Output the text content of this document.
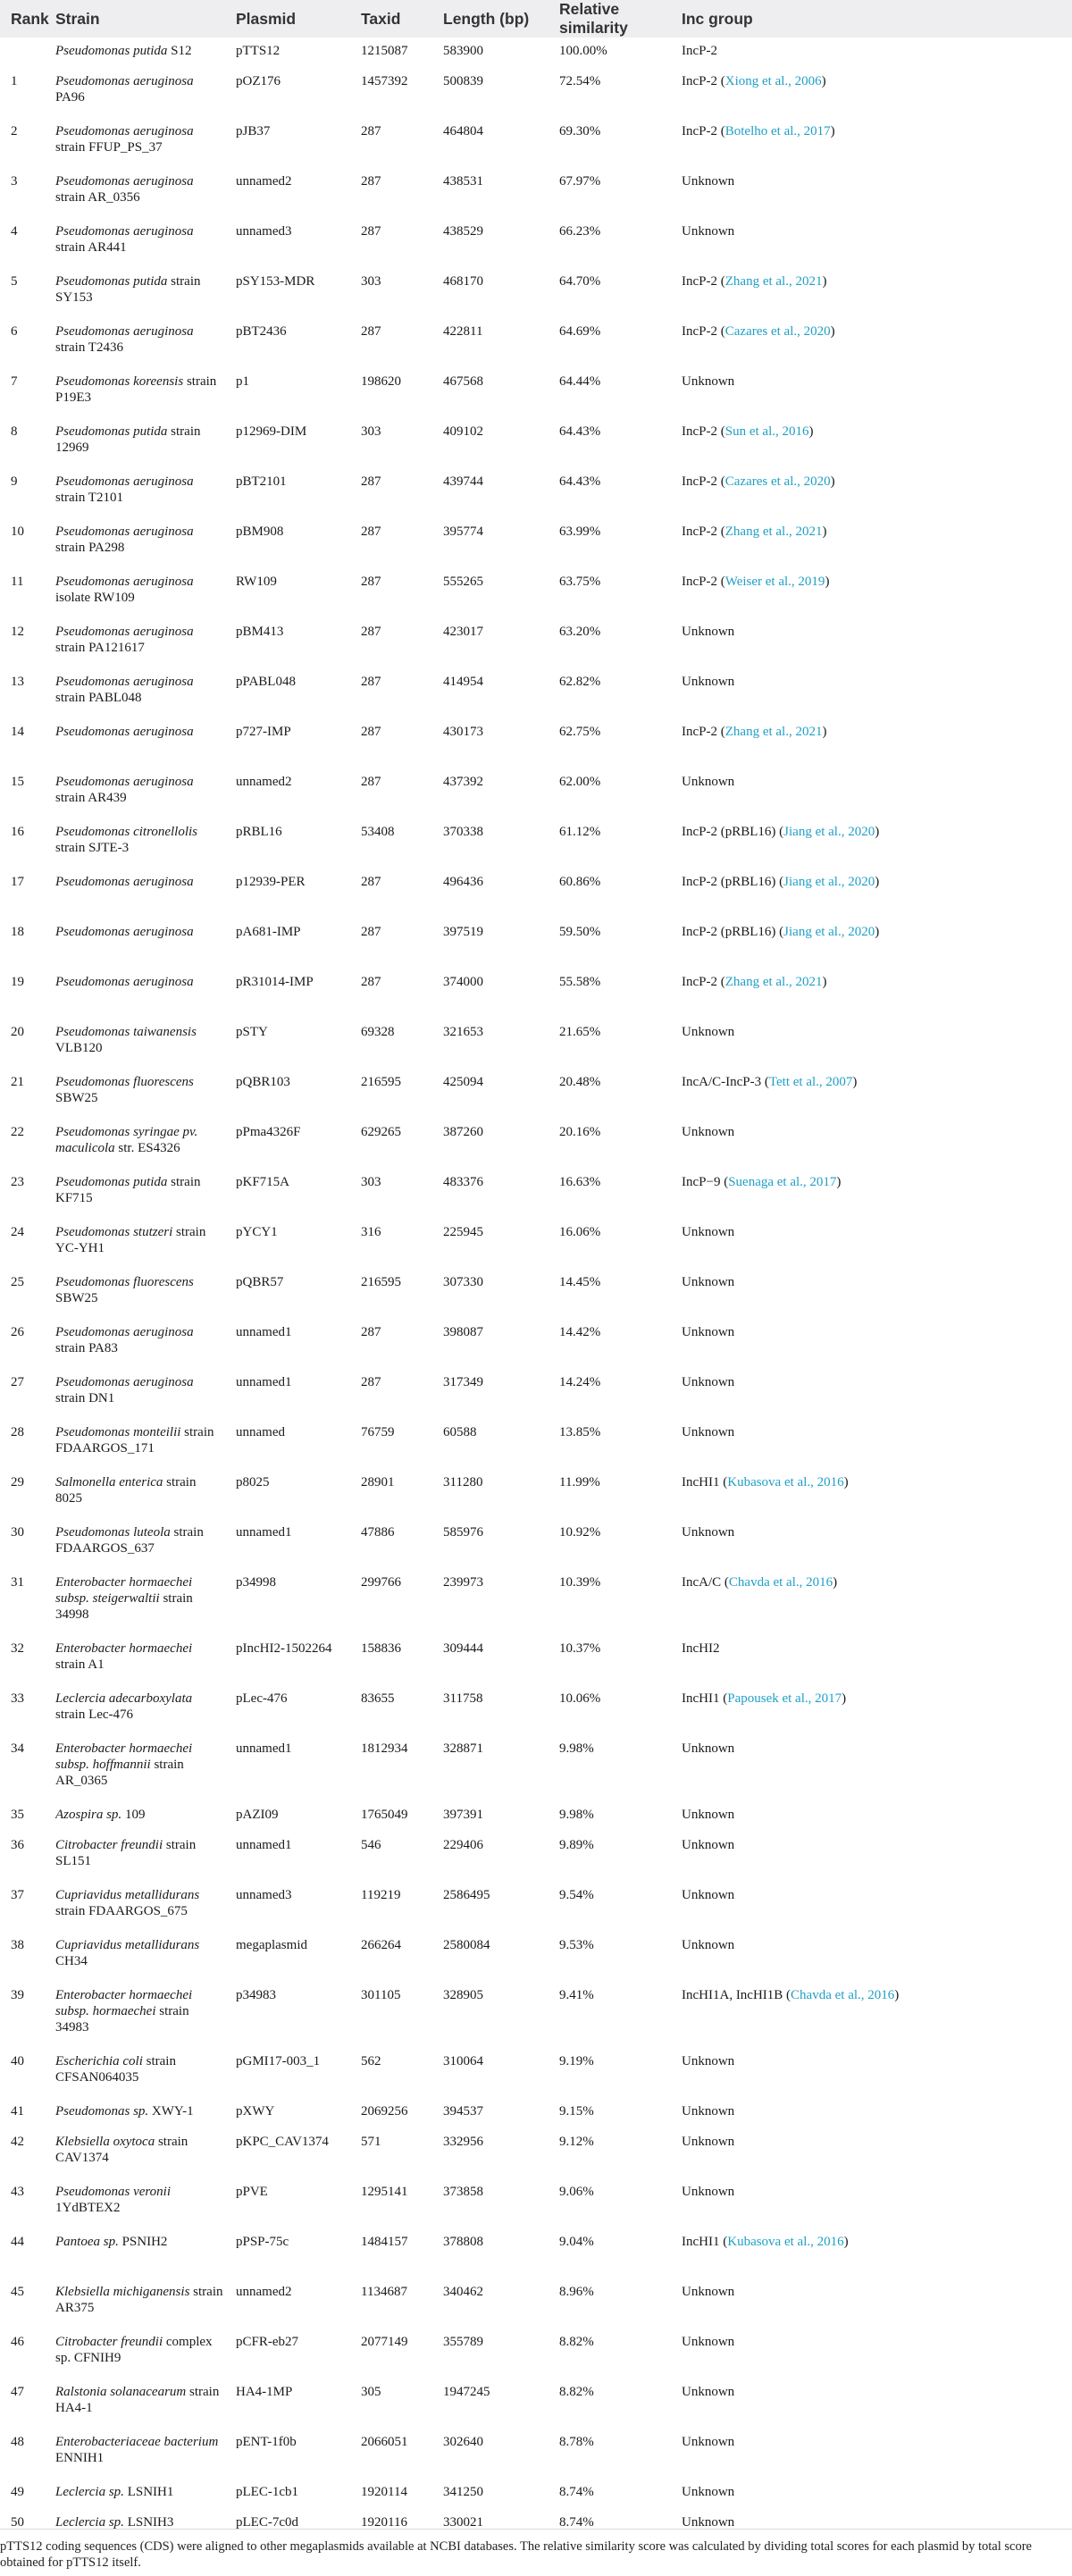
Rank	Strain	Plasmid	Taxid	Length (bp)	Relative similarity	Inc group
	Pseudomonas putida S12	pTTS12	1215087	583900	100.00%	IncP-2
1	Pseudomonas aeruginosa PA96	pOZ176	1457392	500839	72.54%	IncP-2 (Xiong et al., 2006)
2	Pseudomonas aeruginosa strain FFUP_PS_37	pJB37	287	464804	69.30%	IncP-2 (Botelho et al., 2017)
3	Pseudomonas aeruginosa strain AR_0356	unnamed2	287	438531	67.97%	Unknown
4	Pseudomonas aeruginosa strain AR441	unnamed3	287	438529	66.23%	Unknown
5	Pseudomonas putida strain SY153	pSY153-MDR	303	468170	64.70%	IncP-2 (Zhang et al., 2021)
6	Pseudomonas aeruginosa strain T2436	pBT2436	287	422811	64.69%	IncP-2 (Cazares et al., 2020)
7	Pseudomonas koreensis strain P19E3	p1	198620	467568	64.44%	Unknown
8	Pseudomonas putida strain 12969	p12969-DIM	303	409102	64.43%	IncP-2 (Sun et al., 2016)
9	Pseudomonas aeruginosa strain T2101	pBT2101	287	439744	64.43%	IncP-2 (Cazares et al., 2020)
10	Pseudomonas aeruginosa strain PA298	pBM908	287	395774	63.99%	IncP-2 (Zhang et al., 2021)
11	Pseudomonas aeruginosa isolate RW109	RW109	287	555265	63.75%	IncP-2 (Weiser et al., 2019)
12	Pseudomonas aeruginosa strain PA121617	pBM413	287	423017	63.20%	Unknown
13	Pseudomonas aeruginosa strain PABL048	pPABL048	287	414954	62.82%	Unknown
14	Pseudomonas aeruginosa	p727-IMP	287	430173	62.75%	IncP-2 (Zhang et al., 2021)
15	Pseudomonas aeruginosa strain AR439	unnamed2	287	437392	62.00%	Unknown
16	Pseudomonas citronellolis strain SJTE-3	pRBL16	53408	370338	61.12%	IncP-2 (pRBL16) (Jiang et al., 2020)
17	Pseudomonas aeruginosa	p12939-PER	287	496436	60.86%	IncP-2 (pRBL16) (Jiang et al., 2020)
18	Pseudomonas aeruginosa	pA681-IMP	287	397519	59.50%	IncP-2 (pRBL16) (Jiang et al., 2020)
19	Pseudomonas aeruginosa	pR31014-IMP	287	374000	55.58%	IncP-2 (Zhang et al., 2021)
20	Pseudomonas taiwanensis VLB120	pSTY	69328	321653	21.65%	Unknown
21	Pseudomonas fluorescens SBW25	pQBR103	216595	425094	20.48%	IncA/C-IncP-3 (Tett et al., 2007)
22	Pseudomonas syringae pv. maculicola str. ES4326	pPma4326F	629265	387260	20.16%	Unknown
23	Pseudomonas putida strain KF715	pKF715A	303	483376	16.63%	IncP−9 (Suenaga et al., 2017)
24	Pseudomonas stutzeri strain YC-YH1	pYCY1	316	225945	16.06%	Unknown
25	Pseudomonas fluorescens SBW25	pQBR57	216595	307330	14.45%	Unknown
26	Pseudomonas aeruginosa strain PA83	unnamed1	287	398087	14.42%	Unknown
27	Pseudomonas aeruginosa strain DN1	unnamed1	287	317349	14.24%	Unknown
28	Pseudomonas monteilii strain FDAARGOS_171	unnamed	76759	60588	13.85%	Unknown
29	Salmonella enterica strain 8025	p8025	28901	311280	11.99%	IncHI1 (Kubasova et al., 2016)
30	Pseudomonas luteola strain FDAARGOS_637	unnamed1	47886	585976	10.92%	Unknown
31	Enterobacter hormaechei subsp. steigerwaltii strain 34998	p34998	299766	239973	10.39%	IncA/C (Chavda et al., 2016)
32	Enterobacter hormaechei strain A1	pIncHI2-1502264	158836	309444	10.37%	IncHI2
33	Leclercia adecarboxylata strain Lec-476	pLec-476	83655	311758	10.06%	IncHI1 (Papousek et al., 2017)
34	Enterobacter hormaechei subsp. hoffmannii strain AR_0365	unnamed1	1812934	328871	9.98%	Unknown
35	Azospira sp. 109	pAZI09	1765049	397391	9.98%	Unknown
36	Citrobacter freundii strain SL151	unnamed1	546	229406	9.89%	Unknown
37	Cupriavidus metallidurans strain FDAARGOS_675	unnamed3	119219	2586495	9.54%	Unknown
38	Cupriavidus metallidurans CH34	megaplasmid	266264	2580084	9.53%	Unknown
39	Enterobacter hormaechei subsp. hormaechei strain 34983	p34983	301105	328905	9.41%	IncHI1A, IncHI1B (Chavda et al., 2016)
40	Escherichia coli strain CFSAN064035	pGMI17-003_1	562	310064	9.19%	Unknown
41	Pseudomonas sp. XWY-1	pXWY	2069256	394537	9.15%	Unknown
42	Klebsiella oxytoca strain CAV1374	pKPC_CAV1374	571	332956	9.12%	Unknown
43	Pseudomonas veronii 1YdBTEX2	pPVE	1295141	373858	9.06%	Unknown
44	Pantoea sp. PSNIH2	pPSP-75c	1484157	378808	9.04%	IncHI1 (Kubasova et al., 2016)
45	Klebsiella michiganensis strain AR375	unnamed2	1134687	340462	8.96%	Unknown
46	Citrobacter freundii complex sp. CFNIH9	pCFR-eb27	2077149	355789	8.82%	Unknown
47	Ralstonia solanacearum strain HA4-1	HA4-1MP	305	1947245	8.82%	Unknown
48	Enterobacteriaceae bacterium ENNIH1	pENT-1f0b	2066051	302640	8.78%	Unknown
49	Leclercia sp. LSNIH1	pLEC-1cb1	1920114	341250	8.74%	Unknown
50	Leclercia sp. LSNIH3	pLEC-7c0d	1920116	330021	8.74%	Unknown
pTTS12 coding sequences (CDS) were aligned to other megaplasmids available at NCBI databases. The relative similarity score was calculated by dividing total scores for each plasmid by total score obtained for pTTS12 itself.
